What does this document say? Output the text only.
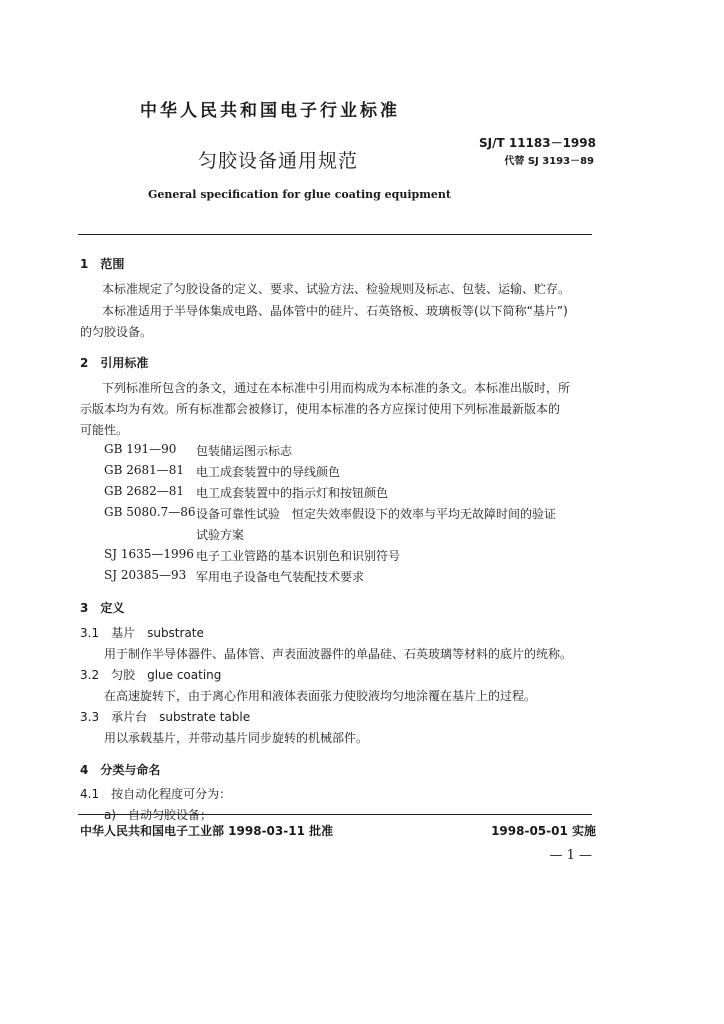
中华人民共和国电子行业标准
SJ/T 11183－1998
代替 SJ 3193－89
匀胶设备通用规范
General specification for glue coating equipment
1　范围
本标准规定了匀胶设备的定义、要求、试验方法、检验规则及标志、包装、运输、贮存。
本标准适用于半导体集成电路、晶体管中的硅片、石英铬板、玻璃板等(以下简称“基片”)
的匀胶设备。
2　引用标准
下列标准所包含的条文，通过在本标准中引用而构成为本标准的条文。本标准出版时，所
示版本均为有效。所有标准都会被修订，使用本标准的各方应探讨使用下列标准最新版本的
可能性。
GB 191—90 包装储运图示标志
GB 2681—81 电工成套装置中的导线颜色
GB 2682—81 电工成套装置中的指示灯和按钮颜色
GB 5080.7—86 设备可靠性试验　恒定失效率假设下的效率与平均无故障时间的验证
试验方案
SJ 1635—1996 电子工业管路的基本识别色和识别符号
SJ 20385—93 军用电子设备电气装配技术要求
3　定义
3.1　基片　substrate
用于制作半导体器件、晶体管、声表面波器件的单晶硅、石英玻璃等材料的底片的统称。
3.2　匀胶　glue coating
在高速旋转下，由于离心作用和液体表面张力使胶液均匀地涂覆在基片上的过程。
3.3　承片台　substrate table
用以承载基片，并带动基片同步旋转的机械部件。
4　分类与命名
4.1　按自动化程度可分为：
a)　自动匀胶设备；
中华人民共和国电子工业部 1998-03-11 批准	1998-05-01 实施
— 1 —
